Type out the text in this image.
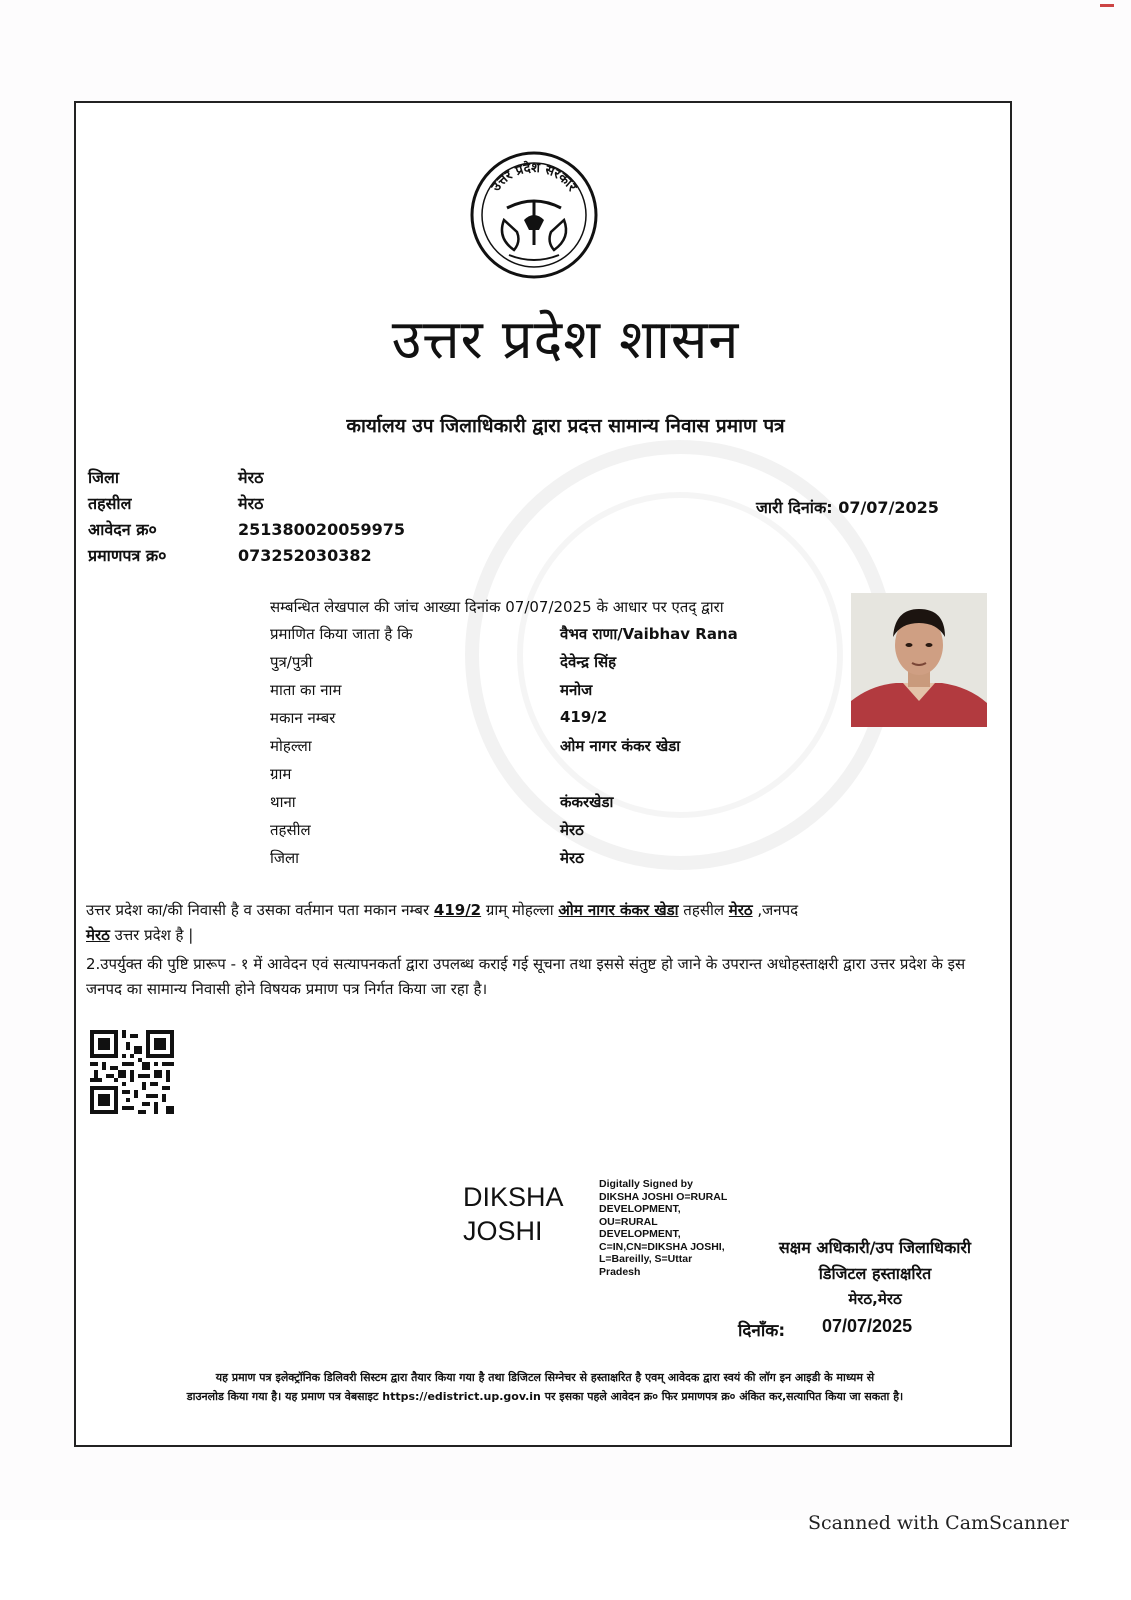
उत्तर प्रदेश सरकार
उत्तर प्रदेश शासन
कार्यालय उप जिलाधिकारी द्वारा प्रदत्त सामान्य निवास प्रमाण पत्र
जिला	मेरठ
तहसील	मेरठ
आवेदन क्र०	251380020059975
प्रमाणपत्र क्र०	073252030382
जारी दिनांक: 07/07/2025
सम्बन्धित लेखपाल की जांच आख्या दिनांक 07/07/2025 के आधार पर एतद् द्वारा
प्रमाणित किया जाता है कि	वैभव राणा/Vaibhav Rana
पुत्र/पुत्री	देवेन्द्र सिंह
माता का नाम	मनोज
मकान नम्बर	419/2
मोहल्ला	ओम नागर कंकर खेडा
ग्राम
थाना	कंकरखेडा
तहसील	मेरठ
जिला	मेरठ
उत्तर प्रदेश का/की निवासी है व उसका वर्तमान पता मकान नम्बर 419/2 ग्राम् मोहल्ला ओम नागर कंकर खेडा तहसील मेरठ ,जनपद
मेरठ उत्तर प्रदेश है |
2.उपर्युक्त की पुष्टि प्रारूप - १ में आवेदन एवं सत्यापनकर्ता द्वारा उपलब्ध कराई गई सूचना तथा इससे संतुष्ट हो जाने के उपरान्त अधोहस्ताक्षरी द्वारा उत्तर प्रदेश के इस जनपद का सामान्य निवासी होने विषयक प्रमाण पत्र निर्गत किया जा रहा है।
DIKSHA
JOSHI
Digitally Signed by
DIKSHA JOSHI O=RURAL
DEVELOPMENT,
OU=RURAL
DEVELOPMENT,
C=IN,CN=DIKSHA JOSHI,
L=Bareilly, S=Uttar
Pradesh
सक्षम अधिकारी/उप जिलाधिकारी
डिजिटल हस्ताक्षरित
मेरठ,मेरठ
दिनाँक: 07/07/2025
यह प्रमाण पत्र इलेक्ट्रॉनिक डिलिवरी सिस्टम द्वारा तैयार किया गया है तथा डिजिटल सिग्नेचर से हस्ताक्षरित है एवम् आवेदक द्वारा स्वयं की लॉग इन आइडी के माध्यम से
डाउनलोड किया गया है। यह प्रमाण पत्र वेबसाइट https://edistrict.up.gov.in पर इसका पहले आवेदन क्र० फिर प्रमाणपत्र क्र० अंकित कर,सत्यापित किया जा सकता है।
Scanned with CamScanner
